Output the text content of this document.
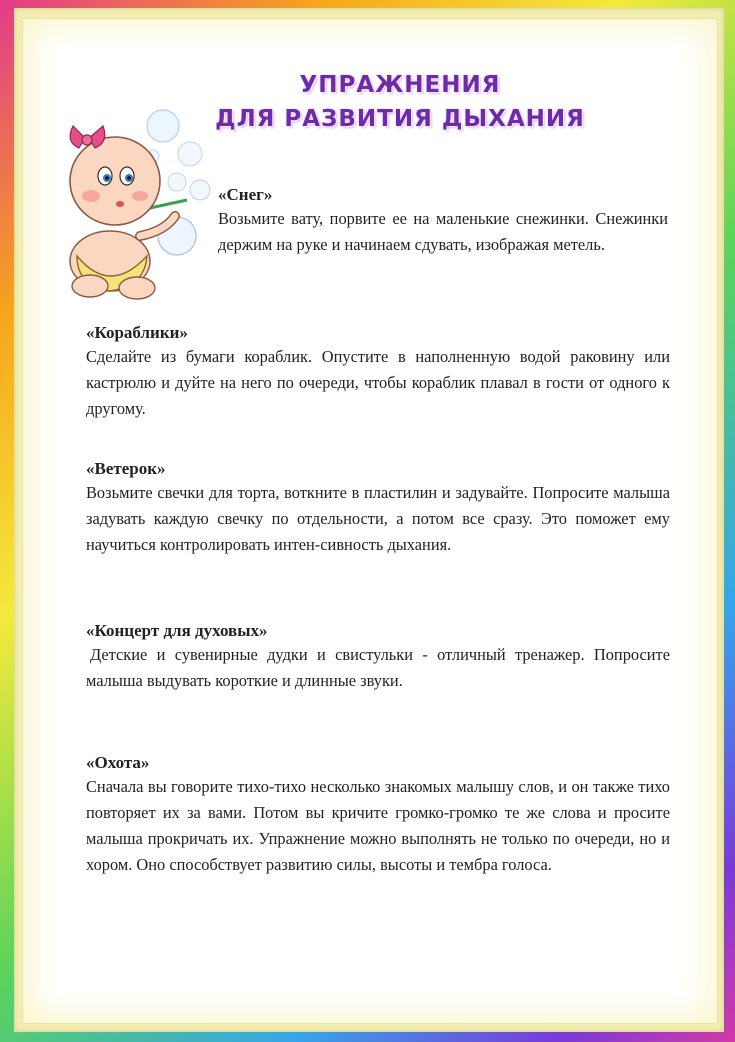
УПРАЖНЕНИЯ
ДЛЯ РАЗВИТИЯ ДЫХАНИЯ

«Снег»

Возьмите вату, порвите ее на маленькие снежинки. Снежинки держим на руке и начинаем сдувать, изображая метель.

«Кораблики»

Сделайте из бумаги кораблик. Опустите в наполненную водой раковину или кастрюлю и дуйте на него по очереди, чтобы кораблик плавал в гости от одного к другому.

«Ветерок»

Возьмите свечки для торта, воткните в пластилин и задувайте. Попросите малыша задувать каждую свечку по отдельности, а потом все сразу. Это поможет ему научиться контролировать интен-сивность дыхания.

«Концерт для духовых»

Детские и сувенирные дудки и свистульки - отличный тренажер. Попросите малыша выдувать короткие и длинные звуки.

«Охота»

Сначала вы говорите тихо-тихо несколько знакомых малышу слов, и он также тихо повторяет их за вами. Потом вы кричите громко-громко те же слова и просите малыша прокричать их. Упражнение можно выполнять не только по очереди, но и хором. Оно способствует развитию силы, высоты и тембра голоса.
